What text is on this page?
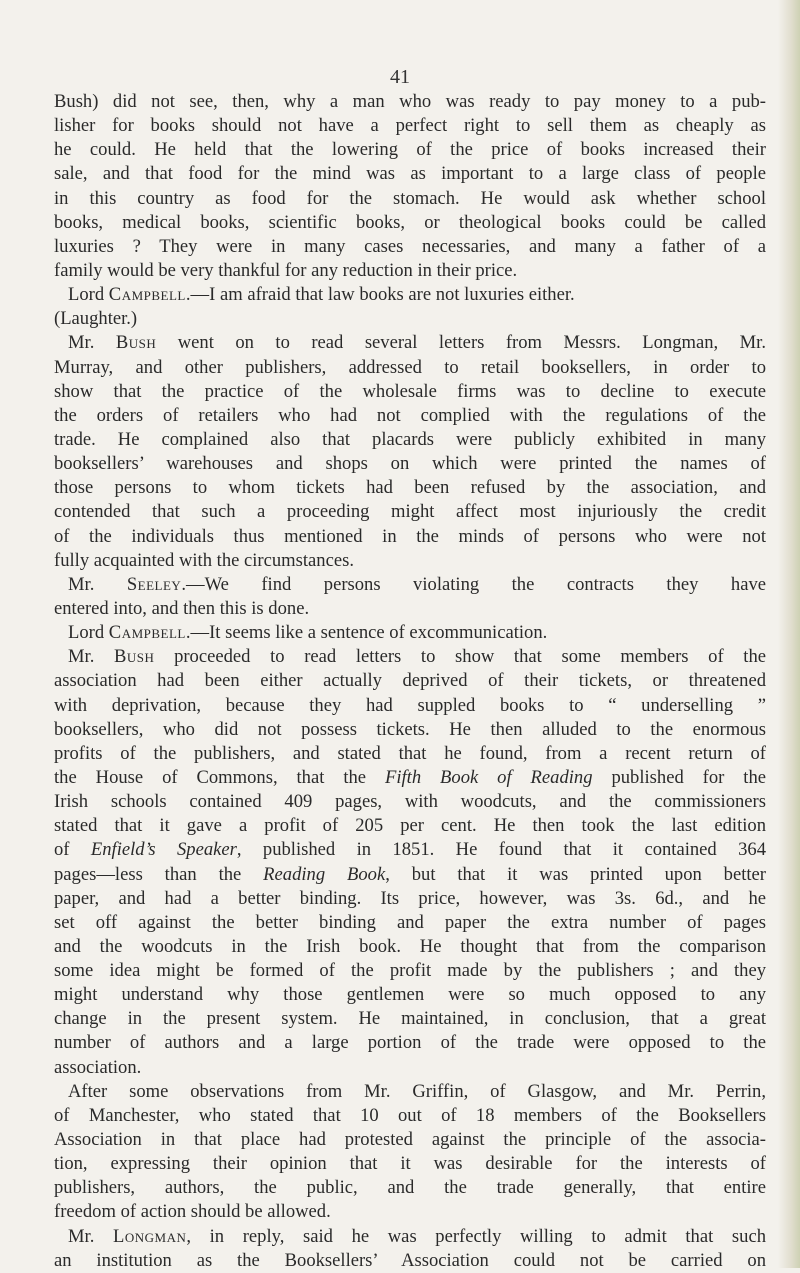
41
Bush) did not see, then, why a man who was ready to pay money to a pub-
lisher for books should not have a perfect right to sell them as cheaply as
he could. He held that the lowering of the price of books increased their
sale, and that food for the mind was as important to a large class of people
in this country as food for the stomach. He would ask whether school
books, medical books, scientific books, or theological books could be called
luxuries ? They were in many cases necessaries, and many a father of a
family would be very thankful for any reduction in their price.
Lord Campbell.—I am afraid that law books are not luxuries either.
(Laughter.)
Mr. Bush went on to read several letters from Messrs. Longman, Mr.
Murray, and other publishers, addressed to retail booksellers, in order to
show that the practice of the wholesale firms was to decline to execute
the orders of retailers who had not complied with the regulations of the
trade. He complained also that placards were publicly exhibited in many
booksellers’ warehouses and shops on which were printed the names of
those persons to whom tickets had been refused by the association, and
contended that such a proceeding might affect most injuriously the credit
of the individuals thus mentioned in the minds of persons who were not
fully acquainted with the circumstances.
Mr. Seeley.—We find persons violating the contracts they have
entered into, and then this is done.
Lord Campbell.—It seems like a sentence of excommunication.
Mr. Bush proceeded to read letters to show that some members of the
association had been either actually deprived of their tickets, or threatened
with deprivation, because they had suppled books to “ underselling ”
booksellers, who did not possess tickets. He then alluded to the enormous
profits of the publishers, and stated that he found, from a recent return of
the House of Commons, that the Fifth Book of Reading published for the
Irish schools contained 409 pages, with woodcuts, and the commissioners
stated that it gave a profit of 205 per cent. He then took the last edition
of Enfield’s Speaker, published in 1851. He found that it contained 364
pages—less than the Reading Book, but that it was printed upon better
paper, and had a better binding. Its price, however, was 3s. 6d., and he
set off against the better binding and paper the extra number of pages
and the woodcuts in the Irish book. He thought that from the comparison
some idea might be formed of the profit made by the publishers ; and they
might understand why those gentlemen were so much opposed to any
change in the present system. He maintained, in conclusion, that a great
number of authors and a large portion of the trade were opposed to the
association.
After some observations from Mr. Griffin, of Glasgow, and Mr. Perrin,
of Manchester, who stated that 10 out of 18 members of the Booksellers
Association in that place had protested against the principle of the associa-
tion, expressing their opinion that it was desirable for the interests of
publishers, authors, the public, and the trade generally, that entire
freedom of action should be allowed.
Mr. Longman, in reply, said he was perfectly willing to admit that such
an institution as the Booksellers’ Association could not be carried on
